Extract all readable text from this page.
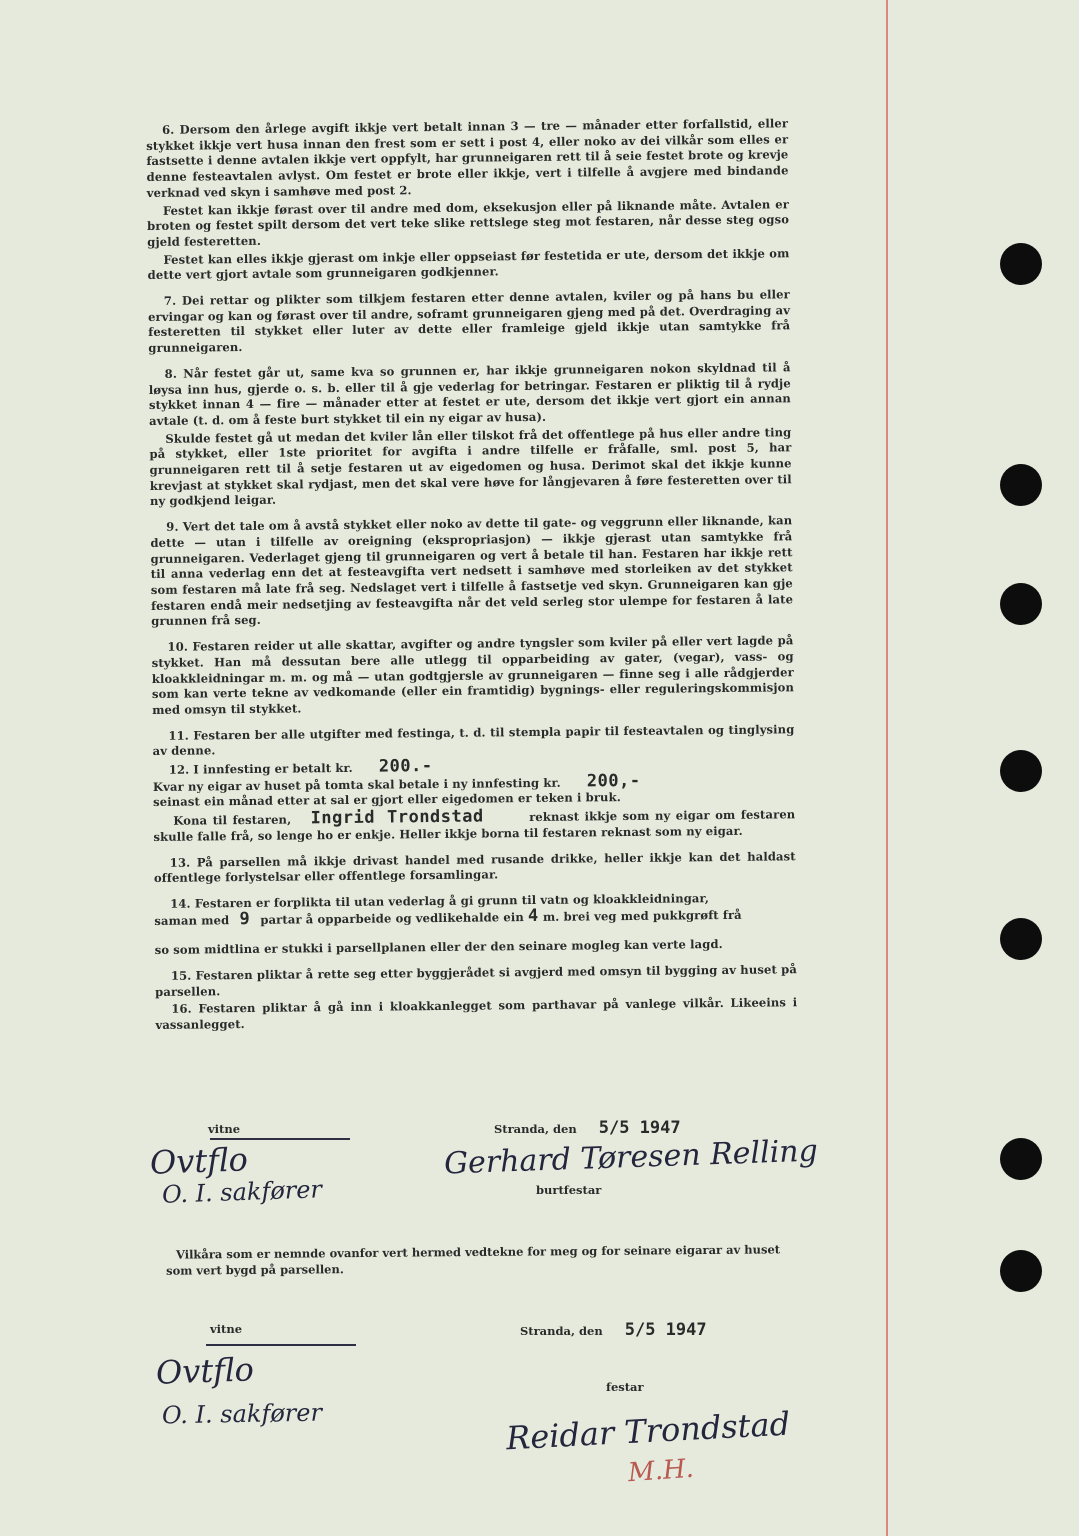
6. Dersom den årlege avgift ikkje vert betalt innan 3 — tre — månader etter forfallstid, eller stykket ikkje vert husa innan den frest som er sett i post 4, eller noko av dei vilkår som elles er fastsette i denne avtalen ikkje vert oppfylt, har grunneigaren rett til å seie festet brote og krevje denne festeavtalen avlyst. Om festet er brote eller ikkje, vert i tilfelle å avgjere med bindande verknad ved skyn i samhøve med post 2.

Festet kan ikkje førast over til andre med dom, eksekusjon eller på liknande måte. Avtalen er broten og festet spilt dersom det vert teke slike rettslege steg mot festaren, når desse steg ogso gjeld festeretten.

Festet kan elles ikkje gjerast om inkje eller oppseiast før festetida er ute, dersom det ikkje om dette vert gjort avtale som grunneigaren godkjenner.

7. Dei rettar og plikter som tilkjem festaren etter denne avtalen, kviler og på hans bu eller ervingar og kan og førast over til andre, soframt grunneigaren gjeng med på det. Overdraging av festeretten til stykket eller luter av dette eller framleige gjeld ikkje utan samtykke frå grunneigaren.

8. Når festet går ut, same kva so grunnen er, har ikkje grunneigaren nokon skyldnad til å løysa inn hus, gjerde o. s. b. eller til å gje vederlag for betringar. Festaren er pliktig til å rydje stykket innan 4 — fire — månader etter at festet er ute, dersom det ikkje vert gjort ein annan avtale (t. d. om å feste burt stykket til ein ny eigar av husa).

Skulde festet gå ut medan det kviler lån eller tilskot frå det offentlege på hus eller andre ting på stykket, eller 1ste prioritet for avgifta i andre tilfelle er fråfalle, sml. post 5, har grunneigaren rett til å setje festaren ut av eigedomen og husa. Derimot skal det ikkje kunne krevjast at stykket skal rydjast, men det skal vere høve for långjevaren å føre festeretten over til ny godkjend leigar.

9. Vert det tale om å avstå stykket eller noko av dette til gate- og veggrunn eller liknande, kan dette — utan i tilfelle av oreigning (ekspropriasjon) — ikkje gjerast utan samtykke frå grunneigaren. Vederlaget gjeng til grunneigaren og vert å betale til han. Festaren har ikkje rett til anna vederlag enn det at festeavgifta vert nedsett i samhøve med storleiken av det stykket som festaren må late frå seg. Nedslaget vert i tilfelle å fastsetje ved skyn. Grunneigaren kan gje festaren endå meir nedsetjing av festeavgifta når det veld serleg stor ulempe for festaren å late grunnen frå seg.

10. Festaren reider ut alle skattar, avgifter og andre tyngsler som kviler på eller vert lagde på stykket. Han må dessutan bere alle utlegg til opparbeiding av gater, (vegar), vass- og kloakkleidningar m. m. og må — utan godtgjersle av grunneigaren — finne seg i alle rådgjerder som kan verte tekne av vedkomande (eller ein framtidig) bygnings- eller reguleringskommisjon med omsyn til stykket.

11. Festaren ber alle utgifter med festinga, t. d. til stempla papir til festeavtalen og tinglysing av denne.

12. I innfesting er betalt kr. 200.-
Kvar ny eigar av huset på tomta skal betale i ny innfesting kr. 200,-
seinast ein månad etter at sal er gjort eller eigedomen er teken i bruk.

Kona til festaren, Ingrid Trondstad	reknast ikkje som ny eigar om festaren skulle falle frå, so lenge ho er enkje. Heller ikkje borna til festaren reknast som ny eigar.

13. På parsellen må ikkje drivast handel med rusande drikke, heller ikkje kan det haldast offentlege forlystelsar eller offentlege forsamlingar.

14. Festaren er forplikta til utan vederlag å gi grunn til vatn og kloakkleidningar,
saman med 9 partar å opparbeide og vedlikehalde ein 4 m. brei veg med pukkgrøft frå
so som midtlina er stukki i parsellplanen eller der den seinare mogleg kan verte lagd.

15. Festaren pliktar å rette seg etter byggjerådet si avgjerd med omsyn til bygging av huset på parsellen.

16. Festaren pliktar å gå inn i kloakkanlegget som parthavar på vanlege vilkår. Likeeins i vassanlegget.

vitne	Stranda, den 5/5 1947
Ovtflo
O. I. sakfører
Gerhard Tøresen Relling
burtfestar
Vilkåra som er nemnde ovanfor vert hermed vedtekne for meg og for seinare eigarar av huset som vert bygd på parsellen.
vitne	Stranda, den 5/5 1947
Ovtflo
O. I. sakfører
festar
Reidar Trondstad
M.H.
